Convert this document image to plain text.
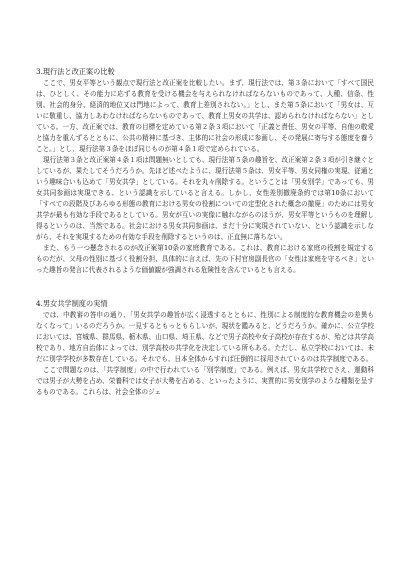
3.現行法と改正案の比較

ここで、男女平等という観点で現行法と改正案を比較したい。まず、現行法では、第３条において「すべて国民は、ひとしく、その能力に応ずる教育を受ける機会を与えられなければならないものであって、人種、信条、性別、社会的身分、経済的地位又は門地によって、教育上差別されない。」とし、また第５条において「男女は、互いに敬重し、協力しあわなければならないものであって、教育上男女の共学は、認められなければならない」としている。一方、改正案では、教育の目標を定めている第２条３項において「正義と責任、男女の平等、自他の敬愛と協力を重んずるとともに、公共の精神に基づき、主体的に社会の形成に参画し、その発展に寄与する態度を養うこと。」とし、現行法第３条をほぼ同じものが第４条１項で定められている。

現行法第３条と改正案第４条１項は問題無いとしても、現行法第５条の趣旨を、改正案第２条３項が引き継ぐとしているが、果たしてそうだろうか。先ほど述べたように、現行法第５条は、男女平等、男女同権の実現、従通という趣味合いも込めて「男女共学」としている。それを丸々削除する。ということは「男女別学」であっても、男女共同参画は実現できる、という認識を示していると言える。しかし、女性差別撤廃条約では第10条において「すべての段階及びあらゆる形態の教育における男女の役割についての定型化された概念の撤廃」のためには男女共学が最も有効な手段であるとしている。男女が互いの実像に触れながらのほうが、男女平等というものを理解し得るというのは、当然である。社会における男女共同参画は、まだ十分に実現されていない、という認識を示しながら、それを実現するための有効な手段を削除するというのは、正直無に落ちない。

また、もう一つ懸念されるのが改正案第10条の家庭教育である。これは、教育における家庭の役割を規定するものだが、父母の性別に基づく役割分担、具体的に言えば、先の下村官房副長官の「女性は家庭を守るべき」といった趣旨の発言に代表されるような価値観が強調される危険性を含んでいるとも言える。

4.男女共学制度の実情

では、中教審の答申の通り、「男女共学の趣旨が広く浸透するとともに、性別による制度的な教育機会の差異もなくなって」いるのだろうか。一見するともっともらしいが、現状を鑑みると、どうだろうか。確かに、公立学校においては、宮城県、群馬県、栃木県、山口県、埼玉県、などで男子高校や女子高校が存在するが、殆どは共学高校であり、地方自治体によっては、別学高校の共学化を決定している所もある。ただし、私立学校においては、未だに別学学校が多数存在している。それでも、日本全体からすれば圧倒的に採用されているのは共学制度である。

ここで問題なのは、「共学制度」の中で行われている「別学制度」である。例えば、男女共学校でさえ、運動科では男子が大勢を占め、栄養科では女子が大勢を占める、といったように、実質的に男女別学のような種類を呈するものである。これらは、社会全体のジェ
